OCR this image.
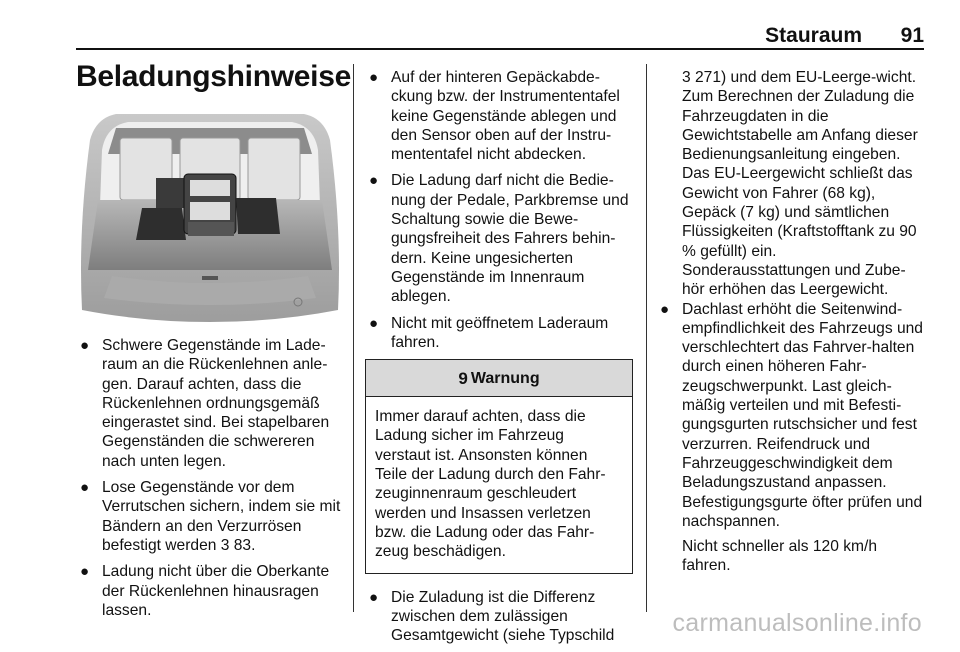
Stauraum 91
Beladungshinweise
● Schwere Gegenstände im Lade-raum an die Rückenlehnen anle-gen. Darauf achten, dass die Rückenlehnen ordnungsgemäß eingerastet sind. Bei stapelbaren Gegenständen die schwereren nach unten legen.

● Lose Gegenstände vor dem Verrutschen sichern, indem sie mit Bändern an den Verzurrösen befestigt werden 3 83.

● Ladung nicht über die Oberkante der Rückenlehnen hinausragen lassen.

● Auf der hinteren Gepäckabde-ckung bzw. der Instrumententafel keine Gegenstände ablegen und den Sensor oben auf der Instru-mententafel nicht abdecken.

● Die Ladung darf nicht die Bedie-nung der Pedale, Parkbremse und Schaltung sowie die Bewe-gungsfreiheit des Fahrers behin-dern. Keine ungesicherten Gegenstände im Innenraum ablegen.

● Nicht mit geöffnetem Laderaum fahren.

9 Warnung
Immer darauf achten, dass die Ladung sicher im Fahrzeug verstaut ist. Ansonsten können Teile der Ladung durch den Fahr-zeuginnenraum geschleudert werden und Insassen verletzen bzw. die Ladung oder das Fahr-zeug beschädigen.
● Die Zuladung ist die Differenz zwischen dem zulässigen Gesamtgewicht (siehe Typschild

3 271) und dem EU-Leerge-wicht.

Zum Berechnen der Zuladung die Fahrzeugdaten in die Gewichtstabelle am Anfang dieser Bedienungsanleitung eingeben.

Das EU-Leergewicht schließt das Gewicht von Fahrer (68 kg), Gepäck (7 kg) und sämtlichen Flüssigkeiten (Kraftstofftank zu 90 % gefüllt) ein.

Sonderausstattungen und Zube-hör erhöhen das Leergewicht.

● Dachlast erhöht die Seitenwind-empfindlichkeit des Fahrzeugs und verschlechtert das Fahrver-halten durch einen höheren Fahr-zeugschwerpunkt. Last gleich-mäßig verteilen und mit Befesti-gungsgurten rutschsicher und fest verzurren. Reifendruck und Fahrzeuggeschwindigkeit dem Beladungszustand anpassen. Befestigungsgurte öfter prüfen und nachspannen.

Nicht schneller als 120 km/h fahren.

carmanualsonline.info
